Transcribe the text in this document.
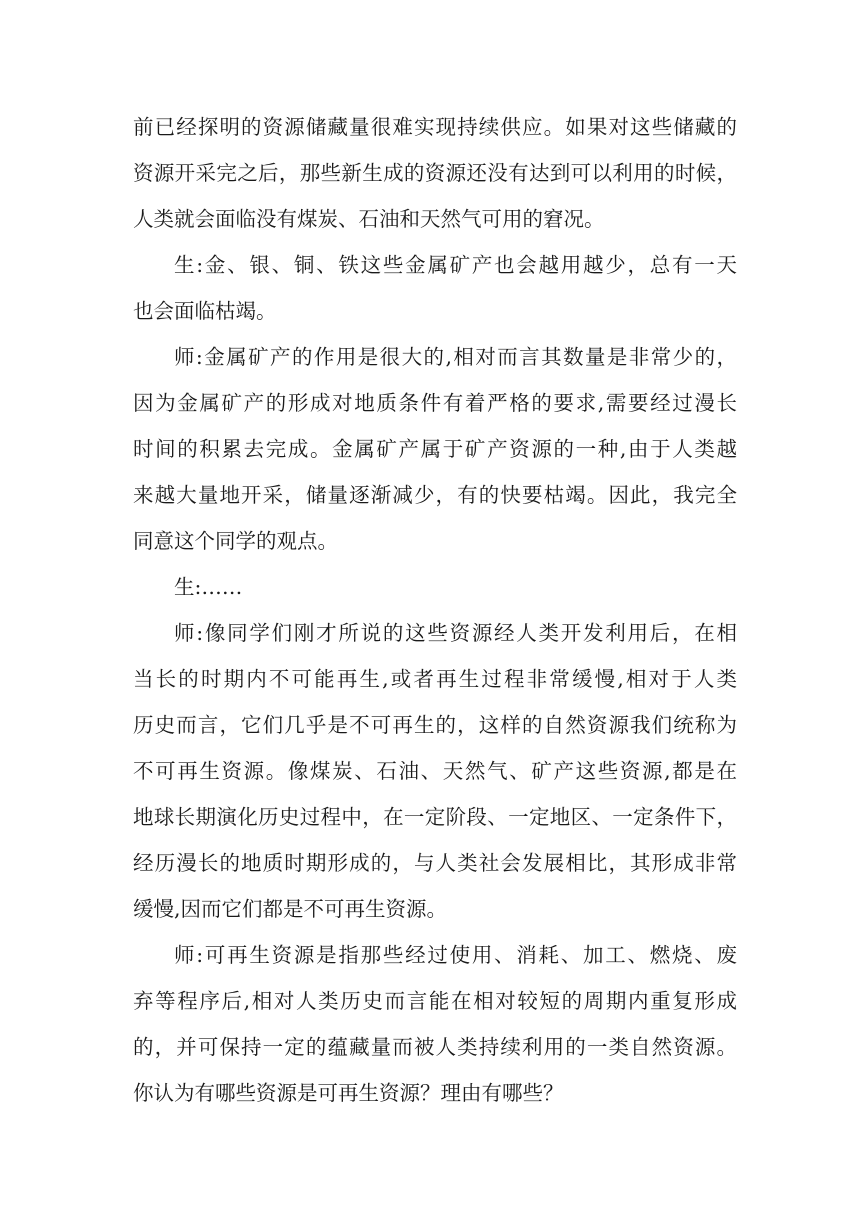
前已经探明的资源储藏量很难实现持续供应。如果对这些储藏的
资源开采完之后，那些新生成的资源还没有达到可以利用的时候，
人类就会面临没有煤炭、石油和天然气可用的窘况。
生:金、银、铜、铁这些金属矿产也会越用越少，总有一天
也会面临枯竭。
师:金属矿产的作用是很大的,相对而言其数量是非常少的，
因为金属矿产的形成对地质条件有着严格的要求,需要经过漫长
时间的积累去完成。金属矿产属于矿产资源的一种,由于人类越
来越大量地开采，储量逐渐减少，有的快要枯竭。因此，我完全
同意这个同学的观点。
生:……
师:像同学们刚才所说的这些资源经人类开发利用后，在相
当长的时期内不可能再生,或者再生过程非常缓慢,相对于人类
历史而言，它们几乎是不可再生的，这样的自然资源我们统称为
不可再生资源。像煤炭、石油、天然气、矿产这些资源,都是在
地球长期演化历史过程中，在一定阶段、一定地区、一定条件下，
经历漫长的地质时期形成的，与人类社会发展相比，其形成非常
缓慢,因而它们都是不可再生资源。
师:可再生资源是指那些经过使用、消耗、加工、燃烧、废
弃等程序后,相对人类历史而言能在相对较短的周期内重复形成
的，并可保持一定的蕴藏量而被人类持续利用的一类自然资源。
你认为有哪些资源是可再生资源？理由有哪些？
